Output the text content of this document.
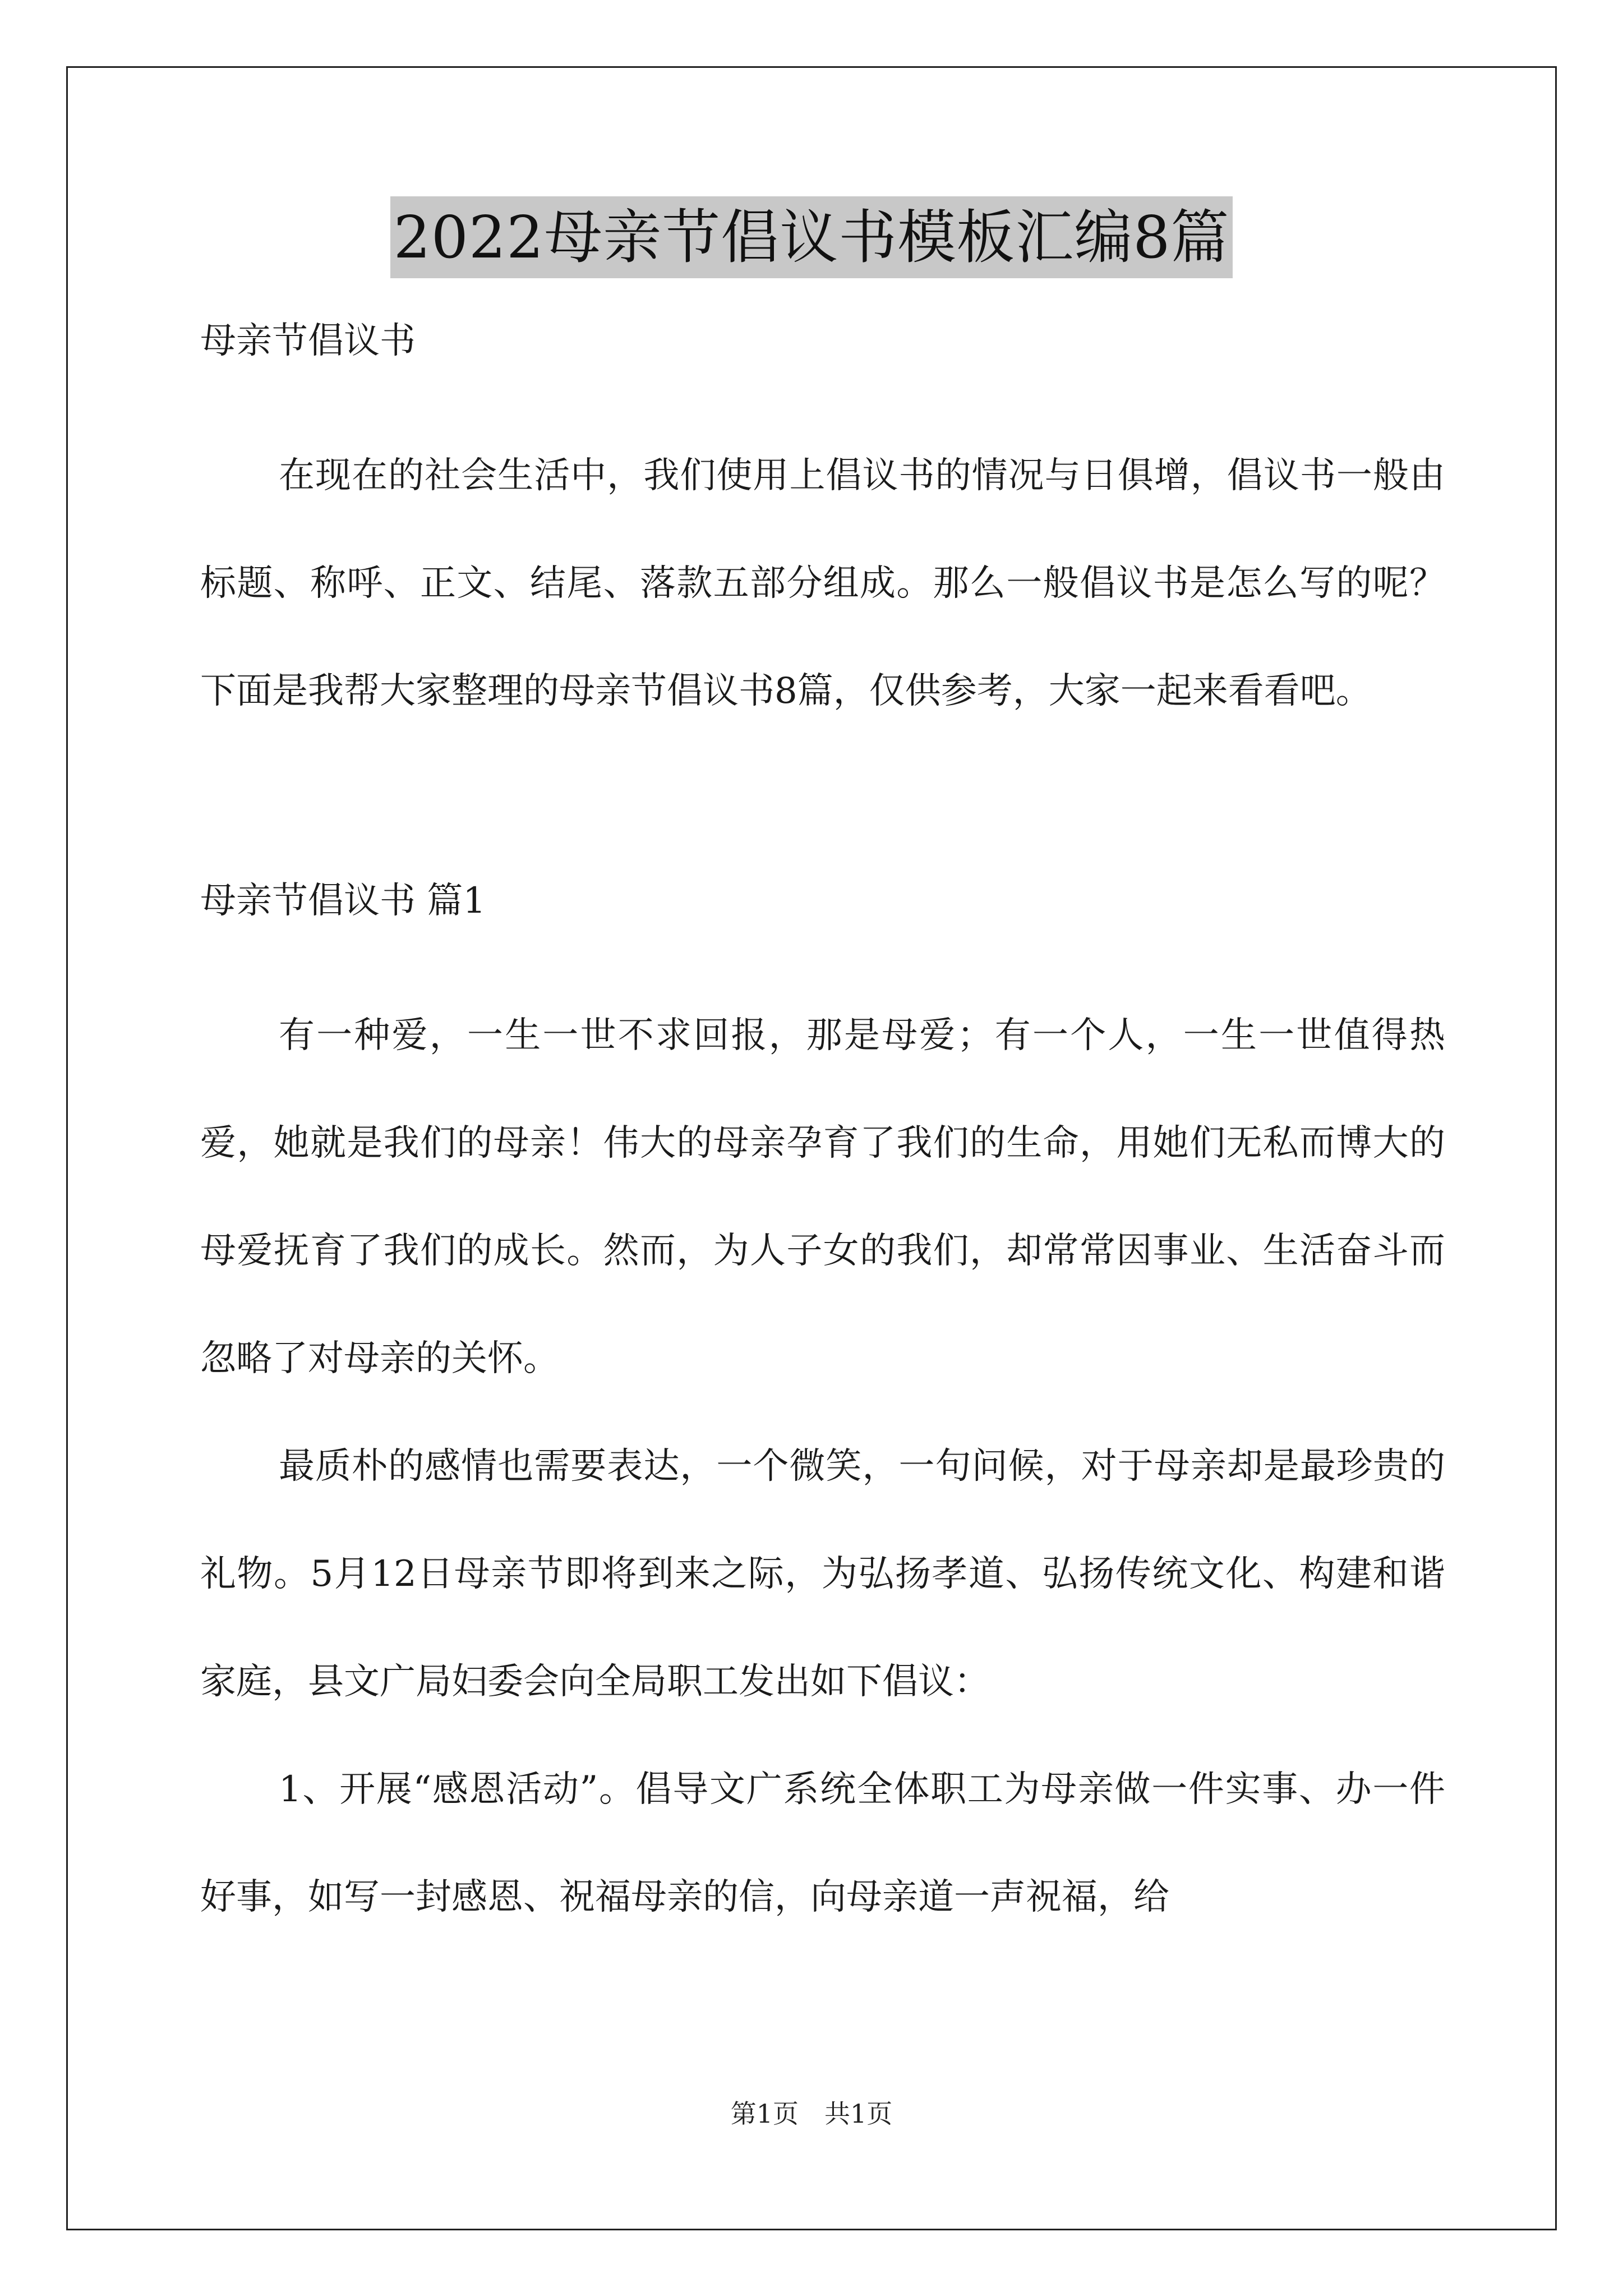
2022母亲节倡议书模板汇编8篇

母亲节倡议书

在现在的社会生活中，我们使用上倡议书的情况与日俱增，倡议书一般由标题、称呼、正文、结尾、落款五部分组成。那么一般倡议书是怎么写的呢？下面是我帮大家整理的母亲节倡议书8篇，仅供参考，大家一起来看看吧。

母亲节倡议书 篇1

有一种爱，一生一世不求回报，那是母爱；有一个人，一生一世值得热爱，她就是我们的母亲！伟大的母亲孕育了我们的生命，用她们无私而博大的母爱抚育了我们的成长。然而，为人子女的我们，却常常因事业、生活奋斗而忽略了对母亲的关怀。

最质朴的感情也需要表达，一个微笑，一句问候，对于母亲却是最珍贵的礼物。5月12日母亲节即将到来之际，为弘扬孝道、弘扬传统文化、构建和谐家庭，县文广局妇委会向全局职工发出如下倡议：

1、开展“感恩活动”。倡导文广系统全体职工为母亲做一件实事、办一件好事，如写一封感恩、祝福母亲的信，向母亲道一声祝福，给

第1页　共1页
